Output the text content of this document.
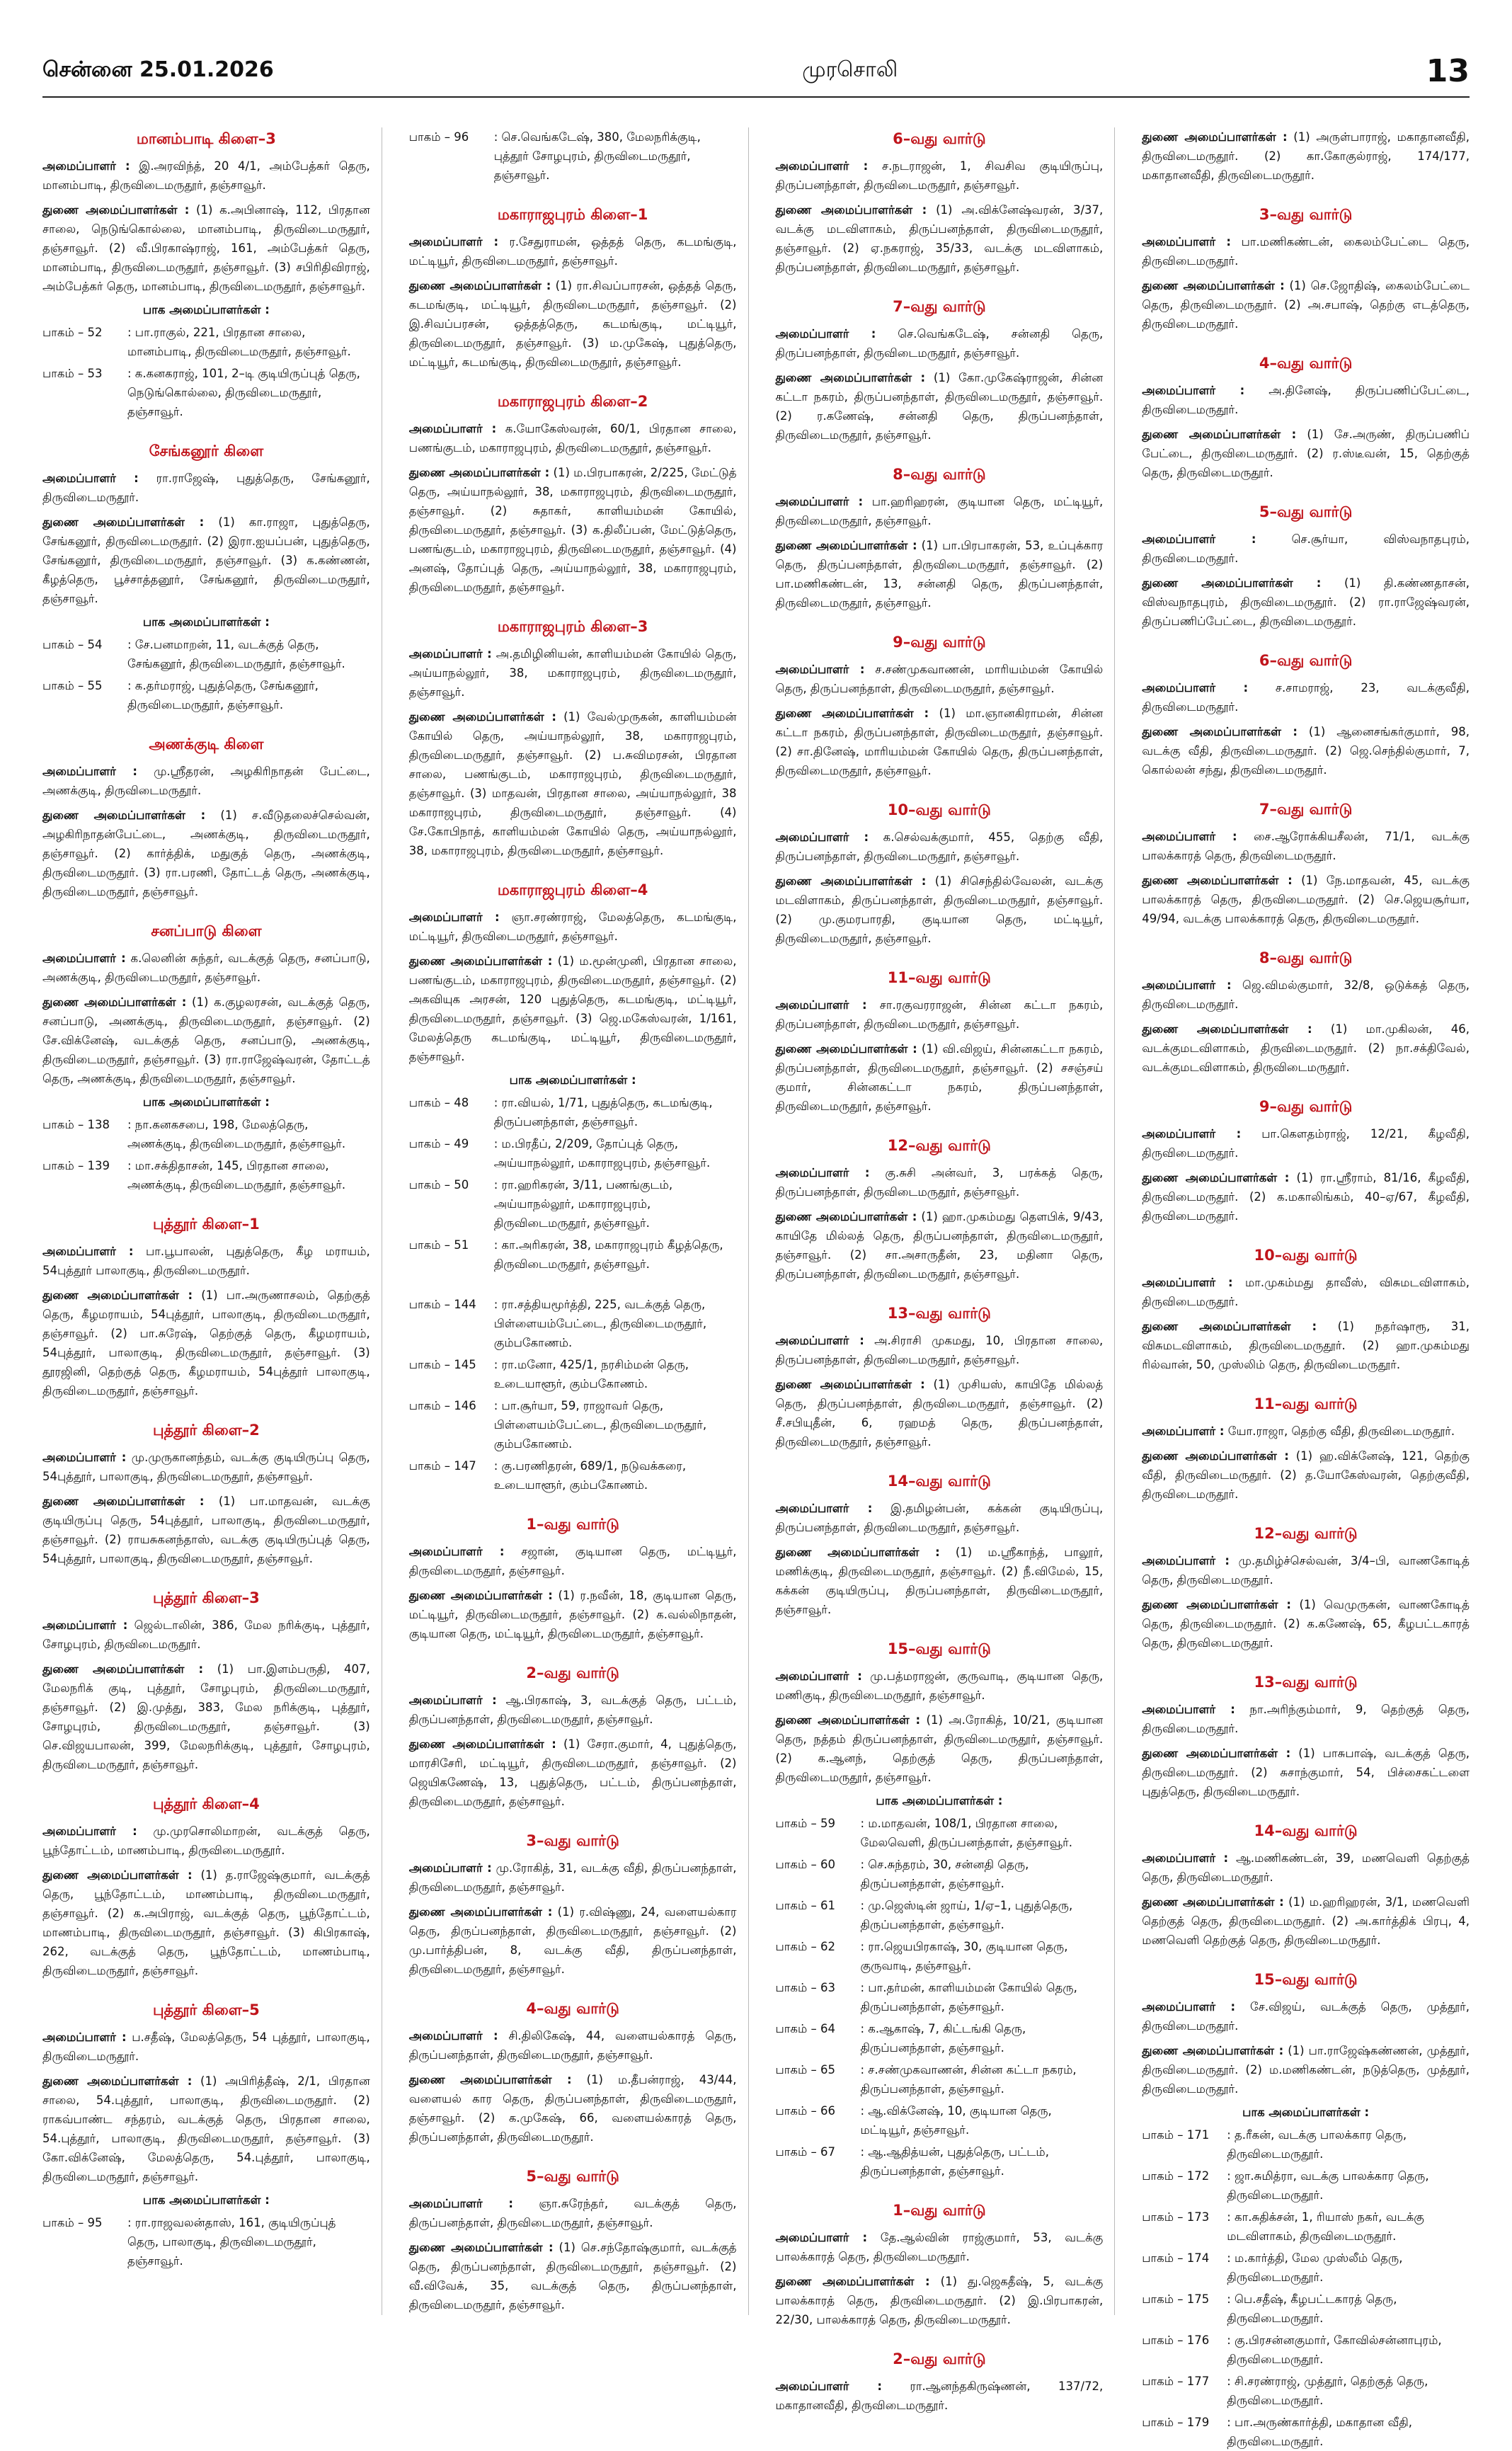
சென்னை 25.01.2026	முரசொலி	13
மானம்பாடி கிளை–3

அமைப்பாளர் : இ.அரவிந்த், 20 4/1, அம்பேத்கர் தெரு, மானம்பாடி, திருவிடைமருதூர், தஞ்சாவூர்.

துணை அமைப்பாளர்கள் : (1) க.அபினாஷ், 112, பிரதான சாலை, நெடுங்கொல்லை, மானம்பாடி, திருவிடைமருதூர், தஞ்சாவூர். (2) வீ.பிரகாஷ்ராஜ், 161, அம்பேத்கர் தெரு, மானம்பாடி, திருவிடைமருதூர், தஞ்சாவூர். (3) சபிரிதிவிராஜ், அம்பேத்கர் தெரு, மானம்பாடி, திருவிடைமருதூர், தஞ்சாவூர்.

பாக அமைப்பாளர்கள் :
பாகம் – 52	: பா.ராகுல், 221, பிரதான சாலை, மானம்பாடி, திருவிடைமருதூர், தஞ்சாவூர்.
பாகம் – 53	: க.கனகராஜ், 101, 2–டி குடியிருப்புத் தெரு, நெடுங்கொல்லை, திருவிடைமருதூர், தஞ்சாவூர்.
சேங்கனூர் கிளை

அமைப்பாளர் : ரா.ராஜேஷ், புதுத்தெரு, சேங்கனூர், திருவிடைமருதூர்.

துணை அமைப்பாளர்கள் : (1) கா.ராஜா, புதுத்தெரு, சேங்கனூர், திருவிடைமருதூர். (2) இரா.ஐயப்பன், புதுத்தெரு, சேங்கனூர், திருவிடைமருதூர், தஞ்சாவூர். (3) க.கண்ணன், கீழத்தெரு, பூச்சாத்தனூர், சேங்கனூர், திருவிடைமருதூர், தஞ்சாவூர்.

பாக அமைப்பாளர்கள் :
பாகம் – 54	: சே.பனமாறன், 11, வடக்குத் தெரு, சேங்கனூர், திருவிடைமருதூர், தஞ்சாவூர்.
பாகம் – 55	: க.தர்மராஜ், புதுத்தெரு, சேங்கனூர், திருவிடைமருதூர், தஞ்சாவூர்.
அணக்குடி கிளை

அமைப்பாளர் : மு.ஸ்ரீதரன், அழகிரிநாதன் பேட்டை, அணக்குடி, திருவிடைமருதூர்.

துணை அமைப்பாளர்கள் : (1) ச.வீடுதலைச்செல்வன், அழகிரிநாதன்பேட்டை, அணக்குடி, திருவிடைமருதூர், தஞ்சாவூர். (2) கார்த்திக், மதுகுத் தெரு, அணக்குடி, திருவிடைமருதூர். (3) ரா.பரணி, தோட்டத் தெரு, அணக்குடி, திருவிடைமருதூர், தஞ்சாவூர்.

சனப்பாடு கிளை

அமைப்பாளர் : க.லெனின் சுந்தர், வடக்குத் தெரு, சனப்பாடு, அணக்குடி, திருவிடைமருதூர், தஞ்சாவூர்.

துணை அமைப்பாளர்கள் : (1) க.குழலரசன், வடக்குத் தெரு, சனப்பாடு, அணக்குடி, திருவிடைமருதூர், தஞ்சாவூர். (2) சே.விக்னேஷ், வடக்குத் தெரு, சனப்பாடு, அணக்குடி, திருவிடைமருதூர், தஞ்சாவூர். (3) ரா.ராஜேஷ்வரன், தோட்டத் தெரு, அணக்குடி, திருவிடைமருதூர், தஞ்சாவூர்.

பாக அமைப்பாளர்கள் :
பாகம் – 138	: நா.கனகசபை, 198, மேலத்தெரு, அணக்குடி, திருவிடைமருதூர், தஞ்சாவூர்.
பாகம் – 139	: மா.சக்திதாசன், 145, பிரதான சாலை, அணக்குடி, திருவிடைமருதூர், தஞ்சாவூர்.
புத்தூர் கிளை–1

அமைப்பாளர் : பா.பூபாலன், புதுத்தெரு, கீழ மராயம், 54புத்தூர் பாலாகுடி, திருவிடைமருதூர்.

துணை அமைப்பாளர்கள் : (1) பா.அருணாசலம், தெற்குத் தெரு, கீழமராயம், 54புத்தூர், பாலாகுடி, திருவிடைமருதூர், தஞ்சாவூர். (2) பா.சுரேஷ், தெற்குத் தெரு, கீழமராயம், 54புத்தூர், பாலாகுடி, திருவிடைமருதூர், தஞ்சாவூர். (3) தூரஜினி, தெற்குத் தெரு, கீழமராயம், 54புத்தூர் பாலாகுடி, திருவிடைமருதூர், தஞ்சாவூர்.

புத்தூர் கிளை–2

அமைப்பாளர் : மு.முருகானந்தம், வடக்கு குடியிருப்பு தெரு, 54புத்தூர், பாலாகுடி, திருவிடைமருதூர், தஞ்சாவூர்.

துணை அமைப்பாளர்கள் : (1) பா.மாதவன், வடக்கு குடியிருப்பு தெரு, 54புத்தூர், பாலாகுடி, திருவிடைமருதூர், தஞ்சாவூர். (2) ராயசுகனந்தாஸ், வடக்கு குடியிருப்புத் தெரு, 54புத்தூர், பாலாகுடி, திருவிடைமருதூர், தஞ்சாவூர்.

புத்தூர் கிளை–3

அமைப்பாளர் : ஜெல்டாலின், 386, மேல நரிக்குடி, புத்தூர், சோழபுரம், திருவிடைமருதூர்.

துணை அமைப்பாளர்கள் : (1) பா.இளம்பருதி, 407, மேலநரிக் குடி, புத்தூர், சோழபுரம், திருவிடைமருதூர், தஞ்சாவூர். (2) இ.முத்து, 383, மேல நரிக்குடி, புத்தூர், சோழபுரம், திருவிடைமருதூர், தஞ்சாவூர். (3) செ.விஜயபாலன், 399, மேலநரிக்குடி, புத்தூர், சோழபுரம், திருவிடைமருதூர், தஞ்சாவூர்.

புத்தூர் கிளை–4

அமைப்பாளர் : மு.முரசொலிமாறன், வடக்குத் தெரு, பூந்தோட்டம், மாணம்பாடி, திருவிடைமருதூர்.

துணை அமைப்பாளர்கள் : (1) த.ராஜேஷ்குமார், வடக்குத் தெரு, பூந்தோட்டம், மாணம்பாடி, திருவிடைமருதூர், தஞ்சாவூர். (2) க.அபிராஜ், வடக்குத் தெரு, பூந்தோட்டம், மாணம்பாடி, திருவிடைமருதூர், தஞ்சாவூர். (3) கிபிரகாஷ், 262, வடக்குத் தெரு, பூந்தோட்டம், மாணம்பாடி, திருவிடைமருதூர், தஞ்சாவூர்.

புத்தூர் கிளை–5

அமைப்பாளர் : ப.சதீஷ், மேலத்தெரு, 54 புத்தூர், பாலாகுடி, திருவிடைமருதூர்.

துணை அமைப்பாளர்கள் : (1) அபிரித்தீஷ், 2/1, பிரதான சாலை, 54.புத்தூர், பாலாகுடி, திருவிடைமருதூர். (2) ராகவ்பாண்ட சந்தரம், வடக்குத் தெரு, பிரதான சாலை, 54.புத்தூர், பாலாகுடி, திருவிடைமருதூர், தஞ்சாவூர். (3) கோ.விக்னேஷ், மேலத்தெரு, 54.புத்தூர், பாலாகுடி, திருவிடைமருதூர், தஞ்சாவூர்.

பாக அமைப்பாளர்கள் :
பாகம் – 95	: ரா.ராஜவலன்தாஸ், 161, குடியிருப்புத் தெரு, பாலாகுடி, திருவிடைமருதூர், தஞ்சாவூர்.
பாகம் – 96	: செ.வெங்கடேஷ், 380, மேலநரிக்குடி, புத்தூர் சோழபுரம், திருவிடைமருதூர், தஞ்சாவூர்.
மகாராஜபுரம் கிளை–1

அமைப்பாளர் : ர.சேதுராமன், ஒத்தத் தெரு, கடமங்குடி, மட்டியூர், திருவிடைமருதூர், தஞ்சாவூர்.

துணை அமைப்பாளர்கள் : (1) ரா.சிவப்பாரசன், ஒத்தத் தெரு, கடமங்குடி, மட்டியூர், திருவிடைமருதூர், தஞ்சாவூர். (2) இ.சிவப்பரசன், ஒத்தத்தெரு, கடமங்குடி, மட்டியூர், திருவிடைமருதூர், தஞ்சாவூர். (3) ம.முகேஷ், புதுத்தெரு, மட்டியூர், கடமங்குடி, திருவிடைமருதூர், தஞ்சாவூர்.

மகாராஜபுரம் கிளை–2

அமைப்பாளர் : க.யோகேஸ்வரன், 60/1, பிரதான சாலை, பணங்குடம், மகாராஜபுரம், திருவிடைமருதூர், தஞ்சாவூர்.

துணை அமைப்பாளர்கள் : (1) ம.பிரபாகரன், 2/225, மேட்டுத் தெரு, அய்யாநல்லூர், 38, மகாராஜபுரம், திருவிடைமருதூர், தஞ்சாவூர். (2) சுதாகர், காளியம்மன் கோயில், திருவிடைமருதூர், தஞ்சாவூர். (3) க.திலீப்பன், மேட்டுத்தெரு, பணங்குடம், மகாராஜபுரம், திருவிடைமருதூர், தஞ்சாவூர். (4) அனஷ், தோப்புத் தெரு, அய்யாநல்லூர், 38, மகாராஜபுரம், திருவிடைமருதூர், தஞ்சாவூர்.

மகாராஜபுரம் கிளை–3

அமைப்பாளர் : அ.தமிழினியன், காளியம்மன் கோயில் தெரு, அய்யாநல்லூர், 38, மகாராஜபுரம், திருவிடைமருதூர், தஞ்சாவூர்.

துணை அமைப்பாளர்கள் : (1) வேல்முருகன், காளியம்மன் கோயில் தெரு, அய்யாநல்லூர், 38, மகாராஜபுரம், திருவிடைமருதூர், தஞ்சாவூர். (2) ப.சுவிமரசன், பிரதான சாலை, பணங்குடம், மகாராஜபுரம், திருவிடைமருதூர், தஞ்சாவூர். (3) மாதவன், பிரதான சாலை, அய்யாநல்லூர், 38 மகாராஜபுரம், திருவிடைமருதூர், தஞ்சாவூர். (4) சே.கோபிநாத், காளியம்மன் கோயில் தெரு, அய்யாநல்லூர், 38, மகாராஜபுரம், திருவிடைமருதூர், தஞ்சாவூர்.

மகாராஜபுரம் கிளை–4

அமைப்பாளர் : ஞா.சரண்ராஜ், மேலத்தெரு, கடமங்குடி, மட்டியூர், திருவிடைமருதூர், தஞ்சாவூர்.

துணை அமைப்பாளர்கள் : (1) ம.மூன்முனி, பிரதான சாலை, பணங்குடம், மகாராஜபுரம், திருவிடைமருதூர், தஞ்சாவூர். (2) அகவியுக அரசன், 120 புதுத்தெரு, கடமங்குடி, மட்டியூர், திருவிடைமருதூர், தஞ்சாவூர். (3) ஜெ.மகேஸ்வரன், 1/161, மேலத்தெரு கடமங்குடி, மட்டியூர், திருவிடைமருதூர், தஞ்சாவூர்.

பாக அமைப்பாளர்கள் :
பாகம் – 48	: ரா.வியல், 1/71, புதுத்தெரு, கடமங்குடி, திருப்பனந்தாள், தஞ்சாவூர்.
பாகம் – 49	: ம.பிரதீப், 2/209, தோப்புத் தெரு, அய்யாநல்லூர், மகாராஜபுரம், தஞ்சாவூர்.
பாகம் – 50	: ரா.ஹரிகரன், 3/11, பணங்குடம், அய்யாநல்லூர், மகாராஜபுரம், திருவிடைமருதூர், தஞ்சாவூர்.
பாகம் – 51	: கா.அரிகரன், 38, மகாராஜபுரம் கீழத்தெரு, திருவிடைமருதூர், தஞ்சாவூர்.
பாகம் – 144	: ரா.சத்தியமூர்த்தி, 225, வடக்குத் தெரு, பிள்ளையம்பேட்டை, திருவிடைமருதூர், கும்பகோணம்.
பாகம் – 145	: ரா.மனோ, 425/1, நரசிம்மன் தெரு, உடையாளூர், கும்பகோணம்.
பாகம் – 146	: பா.சூர்யா, 59, ராஜாவர் தெரு, பிள்ளையம்பேட்டை, திருவிடைமருதூர், கும்பகோணம்.
பாகம் – 147	: கு.பரணிதரன், 689/1, நடுவக்கரை, உடையாளூர், கும்பகோணம்.
1–வது வார்டு

அமைப்பாளர் : சஜான், குடியான தெரு, மட்டியூர், திருவிடைமருதூர், தஞ்சாவூர்.

துணை அமைப்பாளர்கள் : (1) ர.நவீன், 18, குடியான தெரு, மட்டியூர், திருவிடைமருதூர், தஞ்சாவூர். (2) க.வல்லிநாதன், குடியான தெரு, மட்டியூர், திருவிடைமருதூர், தஞ்சாவூர்.

2–வது வார்டு

அமைப்பாளர் : ஆ.பிரகாஷ், 3, வடக்குத் தெரு, பட்டம், திருப்பனந்தாள், திருவிடைமருதூர், தஞ்சாவூர்.

துணை அமைப்பாளர்கள் : (1) சேரா.குமார், 4, புதுத்தெரு, மாரசிசேரி, மட்டியூர், திருவிடைமருதூர், தஞ்சாவூர். (2) ஜெயிகணேஷ், 13, புதுத்தெரு, பட்டம், திருப்பனந்தாள், திருவிடைமருதூர், தஞ்சாவூர்.

3–வது வார்டு

அமைப்பாளர் : மு.ரோகித், 31, வடக்கு வீதி, திருப்பனந்தாள், திருவிடைமருதூர், தஞ்சாவூர்.

துணை அமைப்பாளர்கள் : (1) ர.விஷ்ணு, 24, வளையல்கார தெரு, திருப்பனந்தாள், திருவிடைமருதூர், தஞ்சாவூர். (2) மு.பார்த்திபன், 8, வடக்கு வீதி, திருப்பனந்தாள், திருவிடைமருதூர், தஞ்சாவூர்.

4–வது வார்டு

அமைப்பாளர் : சி.திலிகேஷ், 44, வளையல்காரத் தெரு, திருப்பனந்தாள், திருவிடைமருதூர், தஞ்சாவூர்.

துணை அமைப்பாளர்கள் : (1) ம.தீபன்ராஜ், 43/44, வளையல் கார தெரு, திருப்பனந்தாள், திருவிடைமருதூர், தஞ்சாவூர். (2) க.முகேஷ், 66, வளையல்காரத் தெரு, திருப்பனந்தாள், திருவிடைமருதூர்.

5–வது வார்டு

அமைப்பாளர் : ஞா.சுரேந்தர், வடக்குத் தெரு, திருப்பனந்தாள், திருவிடைமருதூர், தஞ்சாவூர்.

துணை அமைப்பாளர்கள் : (1) செ.சந்தோஷ்குமார், வடக்குத் தெரு, திருப்பனந்தாள், திருவிடைமருதூர், தஞ்சாவூர். (2) வீ.விவேக், 35, வடக்குத் தெரு, திருப்பனந்தாள், திருவிடைமருதூர், தஞ்சாவூர்.

6–வது வார்டு

அமைப்பாளர் : ச.நடராஜன், 1, சிவசிவ குடியிருப்பு, திருப்பனந்தாள், திருவிடைமருதூர், தஞ்சாவூர்.

துணை அமைப்பாளர்கள் : (1) அ.விக்னேஷ்வரன், 3/37, வடக்கு மடவிளாகம், திருப்பனந்தாள், திருவிடைமருதூர், தஞ்சாவூர். (2) ஏ.நகராஜ், 35/33, வடக்கு மடவிளாகம், திருப்பனந்தாள், திருவிடைமருதூர், தஞ்சாவூர்.

7–வது வார்டு

அமைப்பாளர் : செ.வெங்கடேஷ், சன்னதி தெரு, திருப்பனந்தாள், திருவிடைமருதூர், தஞ்சாவூர்.

துணை அமைப்பாளர்கள் : (1) கோ.முகேஷ்ராஜன், சின்ன கட்டா நகரம், திருப்பனந்தாள், திருவிடைமருதூர், தஞ்சாவூர். (2) ர.கணேஷ், சன்னதி தெரு, திருப்பனந்தாள், திருவிடைமருதூர், தஞ்சாவூர்.

8–வது வார்டு

அமைப்பாளர் : பா.ஹரிஹரன், குடியான தெரு, மட்டியூர், திருவிடைமருதூர், தஞ்சாவூர்.

துணை அமைப்பாளர்கள் : (1) பா.பிரபாகரன், 53, உப்புக்கார தெரு, திருப்பனந்தாள், திருவிடைமருதூர், தஞ்சாவூர். (2) பா.மணிகண்டன், 13, சன்னதி தெரு, திருப்பனந்தாள், திருவிடைமருதூர், தஞ்சாவூர்.

9–வது வார்டு

அமைப்பாளர் : ச.சண்முகவாணன், மாரியம்மன் கோயில் தெரு, திருப்பனந்தாள், திருவிடைமருதூர், தஞ்சாவூர்.

துணை அமைப்பாளர்கள் : (1) மா.ஞானகிராமன், சின்ன கட்டா நகரம், திருப்பனந்தாள், திருவிடைமருதூர், தஞ்சாவூர். (2) சா.தினேஷ், மாரியம்மன் கோயில் தெரு, திருப்பனந்தாள், திருவிடைமருதூர், தஞ்சாவூர்.

10–வது வார்டு

அமைப்பாளர் : க.செல்வக்குமார், 455, தெற்கு வீதி, திருப்பனந்தாள், திருவிடைமருதூர், தஞ்சாவூர்.

துணை அமைப்பாளர்கள் : (1) சிசெந்தில்வேலன், வடக்கு மடவிளாகம், திருப்பனந்தாள், திருவிடைமருதூர், தஞ்சாவூர். (2) மு.குமரபாரதி, குடியான தெரு, மட்டியூர், திருவிடைமருதூர், தஞ்சாவூர்.

11–வது வார்டு

அமைப்பாளர் : சா.ரகுவரராஜன், சின்ன கட்டா நகரம், திருப்பனந்தாள், திருவிடைமருதூர், தஞ்சாவூர்.

துணை அமைப்பாளர்கள் : (1) வி.விஜய், சின்னகட்டா நகரம், திருப்பனந்தாள், திருவிடைமருதூர், தஞ்சாவூர். (2) சசஞ்சய் குமார், சின்னகட்டா நகரம், திருப்பனந்தாள், திருவிடைமருதூர், தஞ்சாவூர்.

12–வது வார்டு

அமைப்பாளர் : கு.சுசி அன்வர், 3, பரக்கத் தெரு, திருப்பனந்தாள், திருவிடைமருதூர், தஞ்சாவூர்.

துணை அமைப்பாளர்கள் : (1) ஹா.முகம்மது தௌபிக், 9/43, காயிதே மில்லத் தெரு, திருப்பனந்தாள், திருவிடைமருதூர், தஞ்சாவூர். (2) சா.அசாருதீன், 23, மதினா தெரு, திருப்பனந்தாள், திருவிடைமருதூர், தஞ்சாவூர்.

13–வது வார்டு

அமைப்பாளர் : அ.சிராசி முகமது, 10, பிரதான சாலை, திருப்பனந்தாள், திருவிடைமருதூர், தஞ்சாவூர்.

துணை அமைப்பாளர்கள் : (1) முசியஸ், காயிதே மில்லத் தெரு, திருப்பனந்தாள், திருவிடைமருதூர், தஞ்சாவூர். (2) சீ.சபியுதீன், 6, ரஹமத் தெரு, திருப்பனந்தாள், திருவிடைமருதூர், தஞ்சாவூர்.

14–வது வார்டு

அமைப்பாளர் : இ.தமிழன்பன், கக்கன் குடியிருப்பு, திருப்பனந்தாள், திருவிடைமருதூர், தஞ்சாவூர்.

துணை அமைப்பாளர்கள் : (1) ம.ஸ்ரீகாந்த், பாலூர், மணிக்குடி, திருவிடைமருதூர், தஞ்சாவூர். (2) நீ.விமேல், 15, கக்கன் குடியிருப்பு, திருப்பனந்தாள், திருவிடைமருதூர், தஞ்சாவூர்.

15–வது வார்டு

அமைப்பாளர் : மு.பத்மராஜன், குருவாடி, குடியான தெரு, மணிகுடி, திருவிடைமருதூர், தஞ்சாவூர்.

துணை அமைப்பாளர்கள் : (1) அ.ரோகித், 10/21, குடியான தெரு, நத்தம் திருப்பனந்தாள், திருவிடைமருதூர், தஞ்சாவூர். (2) க.ஆனந், தெற்குத் தெரு, திருப்பனந்தாள், திருவிடைமருதூர், தஞ்சாவூர்.

பாக அமைப்பாளர்கள் :
பாகம் – 59	: ம.மாதவன், 108/1, பிரதான சாலை, மேலவெளி, திருப்பனந்தாள், தஞ்சாவூர்.
பாகம் – 60	: செ.சுந்தரம், 30, சன்னதி தெரு, திருப்பனந்தாள், தஞ்சாவூர்.
பாகம் – 61	: மு.ஜெஸ்டின் ஜாய், 1/ஏ–1, புதுத்தெரு, திருப்பனந்தாள், தஞ்சாவூர்.
பாகம் – 62	: ரா.ஜெயபிரகாஷ், 30, குடியான தெரு, குருவாடி, தஞ்சாவூர்.
பாகம் – 63	: பா.தர்மன், காளியம்மன் கோயில் தெரு, திருப்பனந்தாள், தஞ்சாவூர்.
பாகம் – 64	: க.ஆகாஷ், 7, கிட்டங்கி தெரு, திருப்பனந்தாள், தஞ்சாவூர்.
பாகம் – 65	: ச.சண்முகவாணன், சின்ன கட்டா நகரம், திருப்பனந்தாள், தஞ்சாவூர்.
பாகம் – 66	: ஆ.விக்னேஷ், 10, குடியான தெரு, மட்டியூர், தஞ்சாவூர்.
பாகம் – 67	: ஆ.ஆதித்யன், புதுத்தெரு, பட்டம், திருப்பனந்தாள், தஞ்சாவூர்.
1–வது வார்டு

அமைப்பாளர் : தே.ஆல்வின் ராஜ்குமார், 53, வடக்கு பாலக்காரத் தெரு, திருவிடைமருதூர்.

துணை அமைப்பாளர்கள் : (1) து.ஜெகதீஷ், 5, வடக்கு பாலக்காரத் தெரு, திருவிடைமருதூர். (2) இ.பிரபாகரன், 22/30, பாலக்காரத் தெரு, திருவிடைமருதூர்.

2–வது வார்டு

அமைப்பாளர் : ரா.ஆனந்தகிருஷ்ணன், 137/72, மகாதானவீதி, திருவிடைமருதூர்.

துணை அமைப்பாளர்கள் : (1) அருள்பாராஜ், மகாதானவீதி, திருவிடைமருதூர். (2) கா.கோகுல்ராஜ், 174/177, மகாதானவீதி, திருவிடைமருதூர்.

3–வது வார்டு

அமைப்பாளர் : பா.மணிகண்டன், கைலம்பேட்டை தெரு, திருவிடைமருதூர்.

துணை அமைப்பாளர்கள் : (1) செ.ஜோதிஷ், கைலம்பேட்டை தெரு, திருவிடைமருதூர். (2) அ.சபாஷ், தெற்கு எடத்தெரு, திருவிடைமருதூர்.

4–வது வார்டு

அமைப்பாளர் : அ.தினேஷ், திருப்பணிப்பேட்டை, திருவிடைமருதூர்.

துணை அமைப்பாளர்கள் : (1) சே.அருண், திருப்பணிப் பேட்டை, திருவிடைமருதூர். (2) ர.ஸ்டீவன், 15, தெற்குத் தெரு, திருவிடைமருதூர்.

5–வது வார்டு

அமைப்பாளர் : செ.சூர்யா, விஸ்வநாதபுரம், திருவிடைமருதூர்.

துணை அமைப்பாளர்கள் : (1) தி.கண்ணதாசன், விஸ்வநாதபுரம், திருவிடைமருதூர். (2) ரா.ராஜேஷ்வரன், திருப்பணிப்பேட்டை, திருவிடைமருதூர்.

6–வது வார்டு

அமைப்பாளர் : ச.சாமராஜ், 23, வடக்குவீதி, திருவிடைமருதூர்.

துணை அமைப்பாளர்கள் : (1) ஆனைசங்கர்குமார், 98, வடக்கு வீதி, திருவிடைமருதூர். (2) ஜெ.செந்தில்குமார், 7, கொல்லன் சந்து, திருவிடைமருதூர்.

7–வது வார்டு

அமைப்பாளர் : சை.ஆரோக்கியசீலன், 71/1, வடக்கு பாலக்காரத் தெரு, திருவிடைமருதூர்.

துணை அமைப்பாளர்கள் : (1) நே.மாதவன், 45, வடக்கு பாலக்காரத் தெரு, திருவிடைமருதூர். (2) செ.ஜெயசூர்யா, 49/94, வடக்கு பாலக்காரத் தெரு, திருவிடைமருதூர்.

8–வது வார்டு

அமைப்பாளர் : ஜெ.விமல்குமார், 32/8, ஒடுக்கத் தெரு, திருவிடைமருதூர்.

துணை அமைப்பாளர்கள் : (1) மா.முகிலன், 46, வடக்குமடவிளாகம், திருவிடைமருதூர். (2) நா.சக்திவேல், வடக்குமடவிளாகம், திருவிடைமருதூர்.

9–வது வார்டு

அமைப்பாளர் : பா.கௌதம்ராஜ், 12/21, கீழவீதி, திருவிடைமருதூர்.

துணை அமைப்பாளர்கள் : (1) ரா.ஸ்ரீராம், 81/16, கீழவீதி, திருவிடைமருதூர். (2) க.மகாலிங்கம், 40–ஏ/67, கீழவீதி, திருவிடைமருதூர்.

10–வது வார்டு

அமைப்பாளர் : மா.முகம்மது தாவீஸ், விசுமடவிளாகம், திருவிடைமருதூர்.

துணை அமைப்பாளர்கள் : (1) நதர்ஷாரூ, 31, விசுமடவிளாகம், திருவிடைமருதூர். (2) ஹா.முகம்மது ரில்வான், 50, முஸ்லிம் தெரு, திருவிடைமருதூர்.

11–வது வார்டு

அமைப்பாளர் : யோ.ராஜா, தெற்கு வீதி, திருவிடைமருதூர்.

துணை அமைப்பாளர்கள் : (1) ஹ.விக்னேஷ், 121, தெற்கு வீதி, திருவிடைமருதூர். (2) த.யோகேஸ்வரன், தெற்குவீதி, திருவிடைமருதூர்.

12–வது வார்டு

அமைப்பாளர் : மு.தமிழ்ச்செல்வன், 3/4–பி, வாணகோடித் தெரு, திருவிடைமருதூர்.

துணை அமைப்பாளர்கள் : (1) வெமுருகன், வாணகோடித் தெரு, திருவிடைமருதூர். (2) க.கணேஷ், 65, கீழபட்டகாரத் தெரு, திருவிடைமருதூர்.

13–வது வார்டு

அமைப்பாளர் : நா.அரிந்கும்மார், 9, தெற்குத் தெரு, திருவிடைமருதூர்.

துணை அமைப்பாளர்கள் : (1) பாசுபாஷ், வடக்குத் தெரு, திருவிடைமருதூர். (2) சுசாந்குமார், 54, பிச்சைகட்டளை புதுத்தெரு, திருவிடைமருதூர்.

14–வது வார்டு

அமைப்பாளர் : ஆ.மணிகண்டன், 39, மணவெளி தெற்குத் தெரு, திருவிடைமருதூர்.

துணை அமைப்பாளர்கள் : (1) ம.ஹரிஹரன், 3/1, மணவெளி தெற்குத் தெரு, திருவிடைமருதூர். (2) அ.கார்த்திக் பிரபு, 4, மணவெளி தெற்குத் தெரு, திருவிடைமருதூர்.

15–வது வார்டு

அமைப்பாளர் : சே.விஜய், வடக்குத் தெரு, முத்தூர், திருவிடைமருதூர்.

துணை அமைப்பாளர்கள் : (1) பா.ராஜேஷ்கண்ணன், முத்தூர், திருவிடைமருதூர். (2) ம.மணிகண்டன், நடுத்தெரு, முத்தூர், திருவிடைமருதூர்.

பாக அமைப்பாளர்கள் :
பாகம் – 171	: த.ரீகன், வடக்கு பாலக்கார தெரு, திருவிடைமருதூர்.
பாகம் – 172	: ஜா.சுமித்ரா, வடக்கு பாலக்கார தெரு, திருவிடைமருதூர்.
பாகம் – 173	: கா.சுதிக்சன், 1, ரியாஸ் நகர், வடக்கு மடவிளாகம், திருவிடைமருதூர்.
பாகம் – 174	: ம.கார்த்தி, மேல முஸ்லீம் தெரு, திருவிடைமருதூர்.
பாகம் – 175	: பெ.சதீஷ், கீழபட்டகாரத் தெரு, திருவிடைமருதூர்.
பாகம் – 176	: கு.பிரசன்னகுமார், கோவில்சன்னாபுரம், திருவிடைமருதூர்.
பாகம் – 177	: சி.சரண்ராஜ், முத்தூர், தெற்குத் தெரு, திருவிடைமருதூர்.
பாகம் – 179	: பா.அருண்கார்த்தி, மகாதான வீதி, திருவிடைமருதூர்.
